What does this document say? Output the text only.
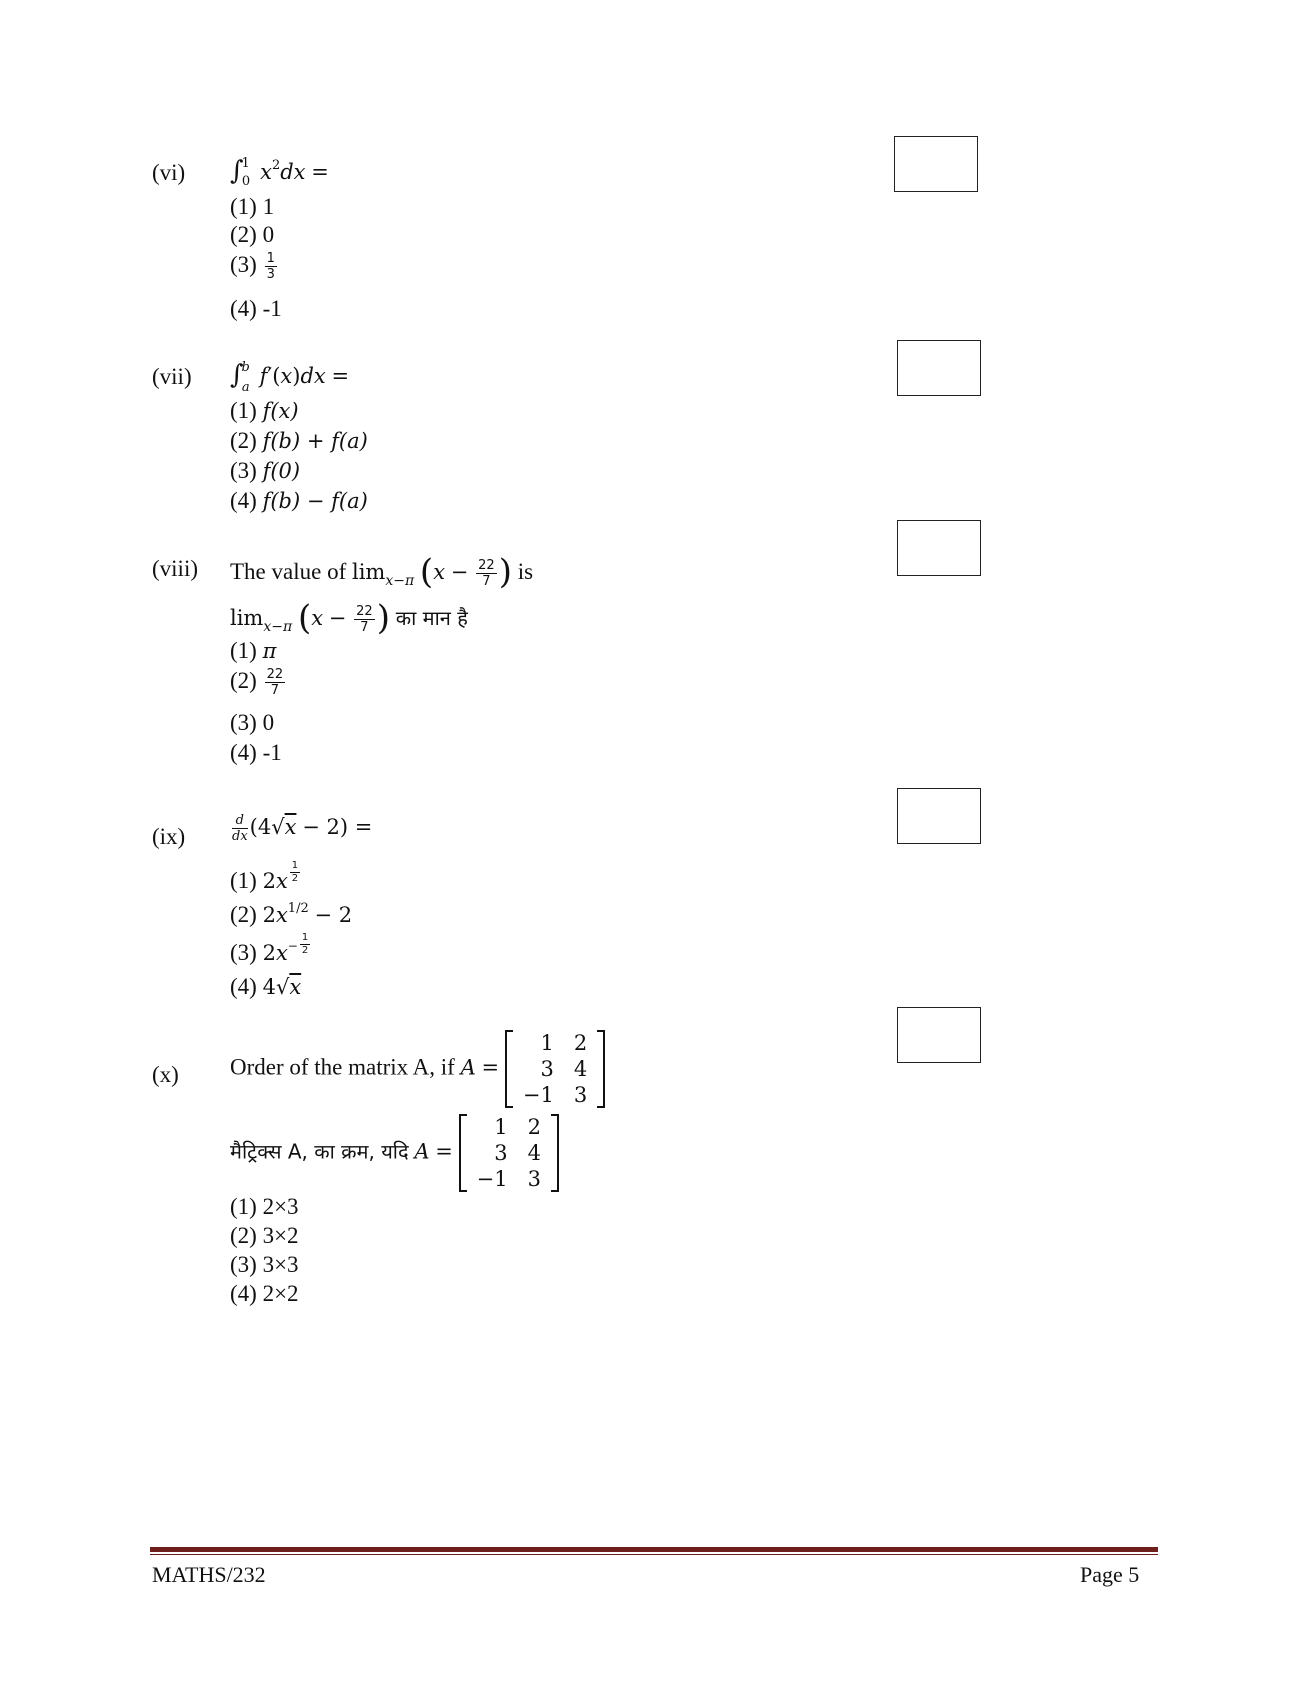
(vi) ∫$^1_0$ $x^2dx$ =
(1) 1
(2) 0
$(3) \frac{1}{3}$
(4) -1
(vii) ∫$^b_a$ f′(x)dx =
(1) f(x)
(2) f(b) + f(a)
(3) f(0)
(4) f(b) − f(a)
(viii) The value of $\lim_{x-\pi} (x - \frac{22}{7}$ ) is
$\lim_{x-\pi} (x - \frac{22}{7}$ ) का मान है
(1) π
$(2) \frac{22}{7}$
(3) 0
(4) -1
(ix)	$\frac{d}{dx} (4√x - 2)$ =
(1) $2x \frac{1}{2}$
(2) $2x^{1/2} - 2$
(3) $2x^- \frac{1}{2}$
(4) 4√x
(x) Order of the matrix A, if A =
1	2
3	4
−1	3
मैट्रिक्स A, का क्रम, यदि A =
1	2
3	4
−1	3
(1) 2×3
(2) 3×2
(3) 3×3
(4) 2×2
MATHS/232	Page 5
